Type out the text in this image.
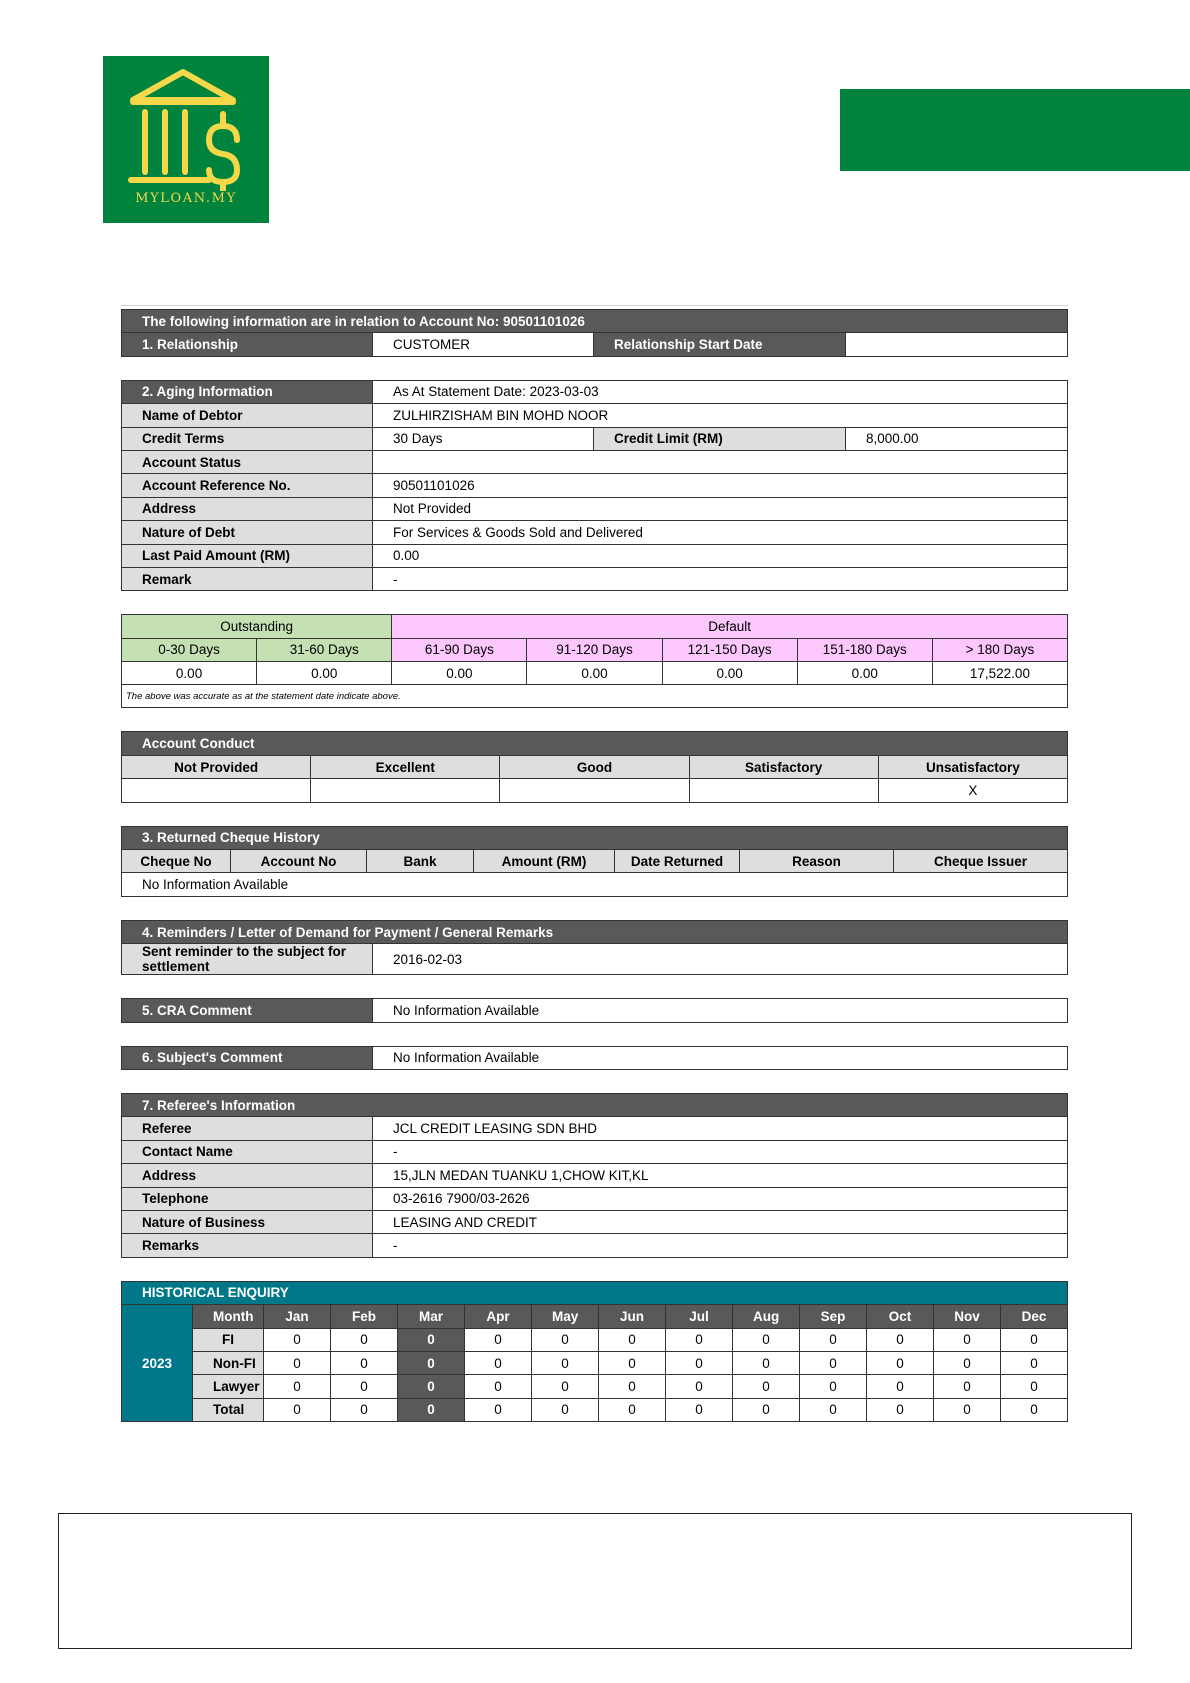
MYLOAN.MY
The following information are in relation to Account No: 90501101026
1. Relationship	CUSTOMER	Relationship Start Date	
2. Aging Information	As At Statement Date: 2023-03-03		
Name of Debtor	ZULHIRZISHAM BIN MOHD NOOR		
Credit Terms	30 Days	Credit Limit (RM)	8,000.00
Account Status			
Account Reference No.	90501101026		
Address	Not Provided		
Nature of Debt	For Services & Goods Sold and Delivered		
Last Paid Amount (RM)	0.00		
Remark	-		
Outstanding		Default				
0-30 Days	31-60 Days	61-90 Days	91-120 Days	121-150 Days	151-180 Days	> 180 Days
0.00	0.00	0.00	0.00	0.00	0.00	17,522.00
The above was accurate as at the statement date indicate above.						
Account Conduct				
Not Provided	Excellent	Good	Satisfactory	Unsatisfactory
				X
3. Returned Cheque History
Cheque No	Account No	Bank	Amount (RM)	Date Returned	Reason	Cheque Issuer
No Information Available
4. Reminders / Letter of Demand for Payment / General Remarks
Sent reminder to the subject for settlement	2016-02-03
5. CRA Comment	No Information Available
6. Subject's Comment	No Information Available
7. Referee's Information	
Referee	JCL CREDIT LEASING SDN BHD
Contact Name	-
Address	15,JLN MEDAN TUANKU 1,CHOW KIT,KL
Telephone	03-2616 7900/03-2626
Nature of Business	LEASING AND CREDIT
Remarks	-
HISTORICAL ENQUIRY													
2023	Month	Jan	Feb	Mar	Apr	May	Jun	Jul	Aug	Sep	Oct	Nov	Dec
	FI	0	0	0	0	0	0	0	0	0	0	0	0
	Non-FI	0	0	0	0	0	0	0	0	0	0	0	0
	Lawyer	0	0	0	0	0	0	0	0	0	0	0	0
	Total	0	0	0	0	0	0	0	0	0	0	0	0
